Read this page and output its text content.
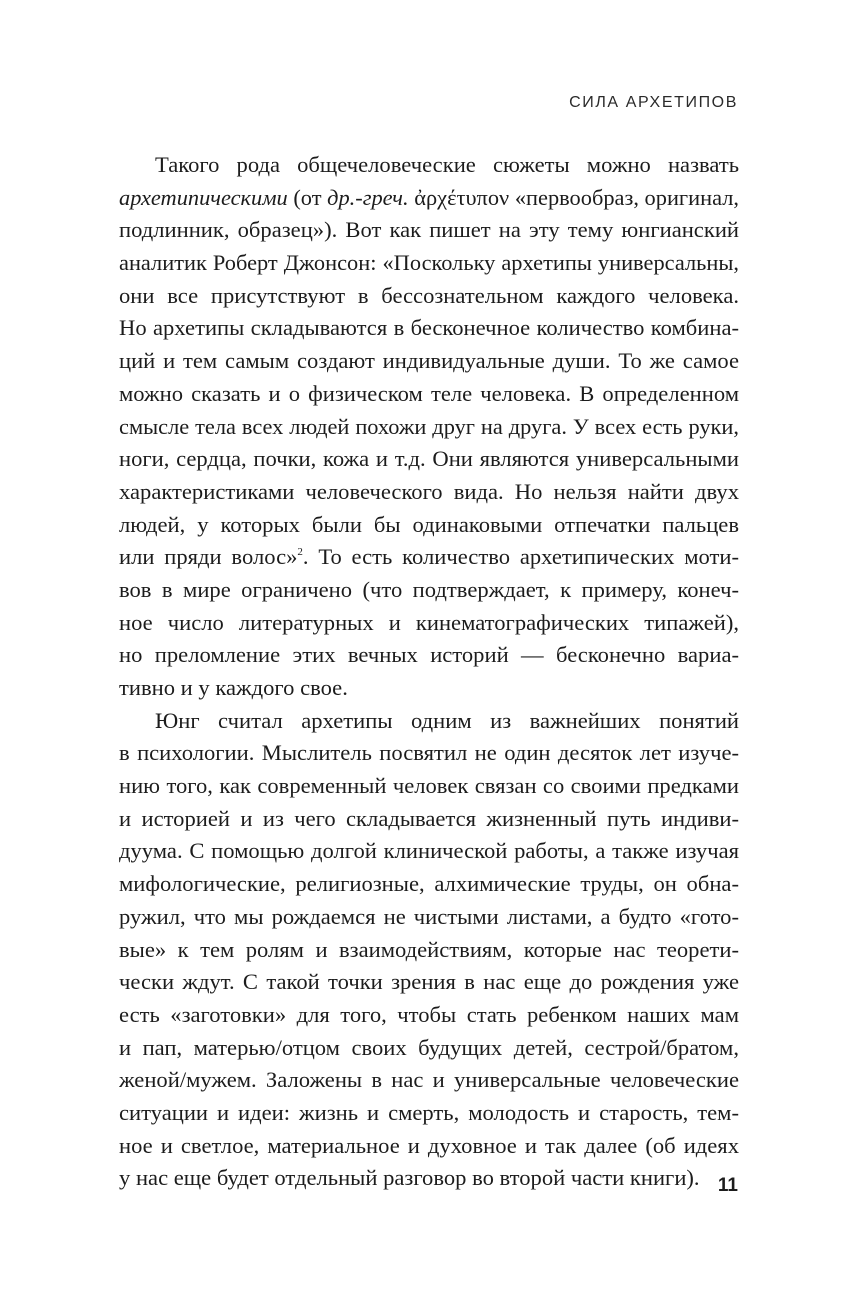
СИЛА АРХЕТИПОВ
Такого рода общечеловеческие сюжеты можно назвать
архетипическими (от др.-греч. ἀρχέτυπον «первообраз, оригинал,
подлинник, образец»). Вот как пишет на эту тему юнгианский
аналитик Роберт Джонсон: «Поскольку архетипы универсальны,
они все присутствуют в бессознательном каждого человека.
Но архетипы складываются в бесконечное количество комбина-
ций и тем самым создают индивидуальные души. То же самое
можно сказать и о физическом теле человека. В определенном
смысле тела всех людей похожи друг на друга. У всех есть руки,
ноги, сердца, почки, кожа и т.д. Они являются универсальными
характеристиками человеческого вида. Но нельзя найти двух
людей, у которых были бы одинаковыми отпечатки пальцев
или пряди волос»$^2$. То есть количество архетипических моти-
вов в мире ограничено (что подтверждает, к примеру, конеч-
ное число литературных и кинематографических типажей),
но преломление этих вечных историй — бесконечно вариа-
тивно и у каждого свое.
Юнг считал архетипы одним из важнейших понятий
в психологии. Мыслитель посвятил не один десяток лет изуче-
нию того, как современный человек связан со своими предками
и историей и из чего складывается жизненный путь индиви-
дуума. С помощью долгой клинической работы, а также изучая
мифологические, религиозные, алхимические труды, он обна-
ружил, что мы рождаемся не чистыми листами, а будто «гото-
вые» к тем ролям и взаимодействиям, которые нас теорети-
чески ждут. С такой точки зрения в нас еще до рождения уже
есть «заготовки» для того, чтобы стать ребенком наших мам
и пап, матерью/отцом своих будущих детей, сестрой/братом,
женой/мужем. Заложены в нас и универсальные человеческие
ситуации и идеи: жизнь и смерть, молодость и старость, тем-
ное и светлое, материальное и духовное и так далее (об идеях
у нас еще будет отдельный разговор во второй части книги). 11
